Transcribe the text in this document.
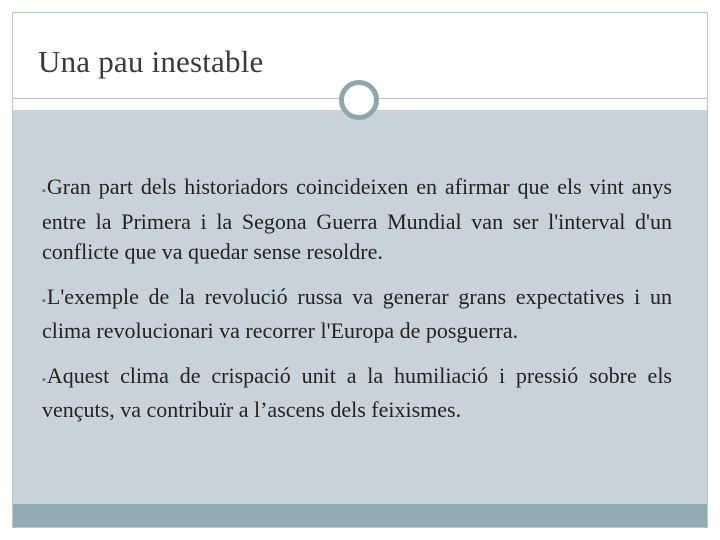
Una pau inestable

▪Gran part dels historiadors coincideixen en afirmar que els vint anys entre la Primera i la Segona Guerra Mundial van ser l'interval d'un conflicte que va quedar sense resoldre.

▪L'exemple de la revolució russa va generar grans expectatives i un clima revolucionari va recorrer l'Europa de posguerra.

▪Aquest clima de crispació unit a la humiliació i pressió sobre els vençuts, va contribuïr a l’ascens dels feixismes.
